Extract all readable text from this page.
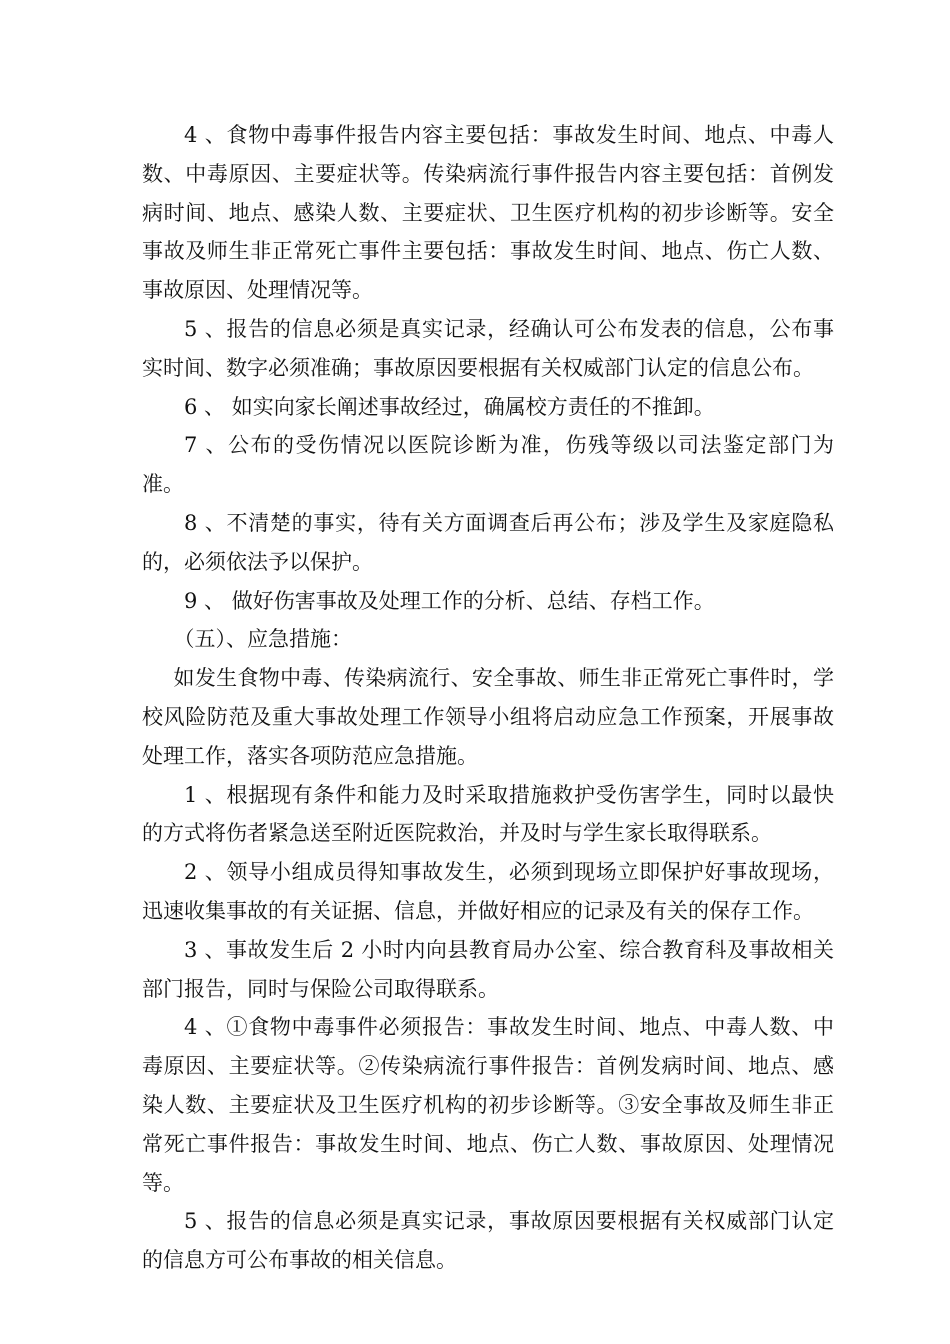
4 、食物中毒事件报告内容主要包括：事故发生时间、地点、中毒人数、中毒原因、主要症状等。传染病流行事件报告内容主要包括：首例发病时间、地点、感染人数、主要症状、卫生医疗机构的初步诊断等。安全事故及师生非正常死亡事件主要包括：事故发生时间、地点、伤亡人数、事故原因、处理情况等。

5 、报告的信息必须是真实记录，经确认可公布发表的信息，公布事实时间、数字必须准确；事故原因要根据有关权威部门认定的信息公布。

6 、 如实向家长阐述事故经过，确属校方责任的不推卸。

7 、公布的受伤情况以医院诊断为准，伤残等级以司法鉴定部门为准。

8 、不清楚的事实，待有关方面调查后再公布；涉及学生及家庭隐私的，必须依法予以保护。

9 、 做好伤害事故及处理工作的分析、总结、存档工作。

（五）、应急措施：

如发生食物中毒、传染病流行、安全事故、师生非正常死亡事件时，学校风险防范及重大事故处理工作领导小组将启动应急工作预案，开展事故处理工作，落实各项防范应急措施。

1 、根据现有条件和能力及时采取措施救护受伤害学生，同时以最快的方式将伤者紧急送至附近医院救治，并及时与学生家长取得联系。

2 、领导小组成员得知事故发生，必须到现场立即保护好事故现场，迅速收集事故的有关证据、信息，并做好相应的记录及有关的保存工作。

3 、事故发生后 2 小时内向县教育局办公室、综合教育科及事故相关部门报告，同时与保险公司取得联系。

4 、①食物中毒事件必须报告：事故发生时间、地点、中毒人数、中毒原因、主要症状等。②传染病流行事件报告：首例发病时间、地点、感染人数、主要症状及卫生医疗机构的初步诊断等。③安全事故及师生非正常死亡事件报告：事故发生时间、地点、伤亡人数、事故原因、处理情况等。

5 、报告的信息必须是真实记录，事故原因要根据有关权威部门认定的信息方可公布事故的相关信息。
